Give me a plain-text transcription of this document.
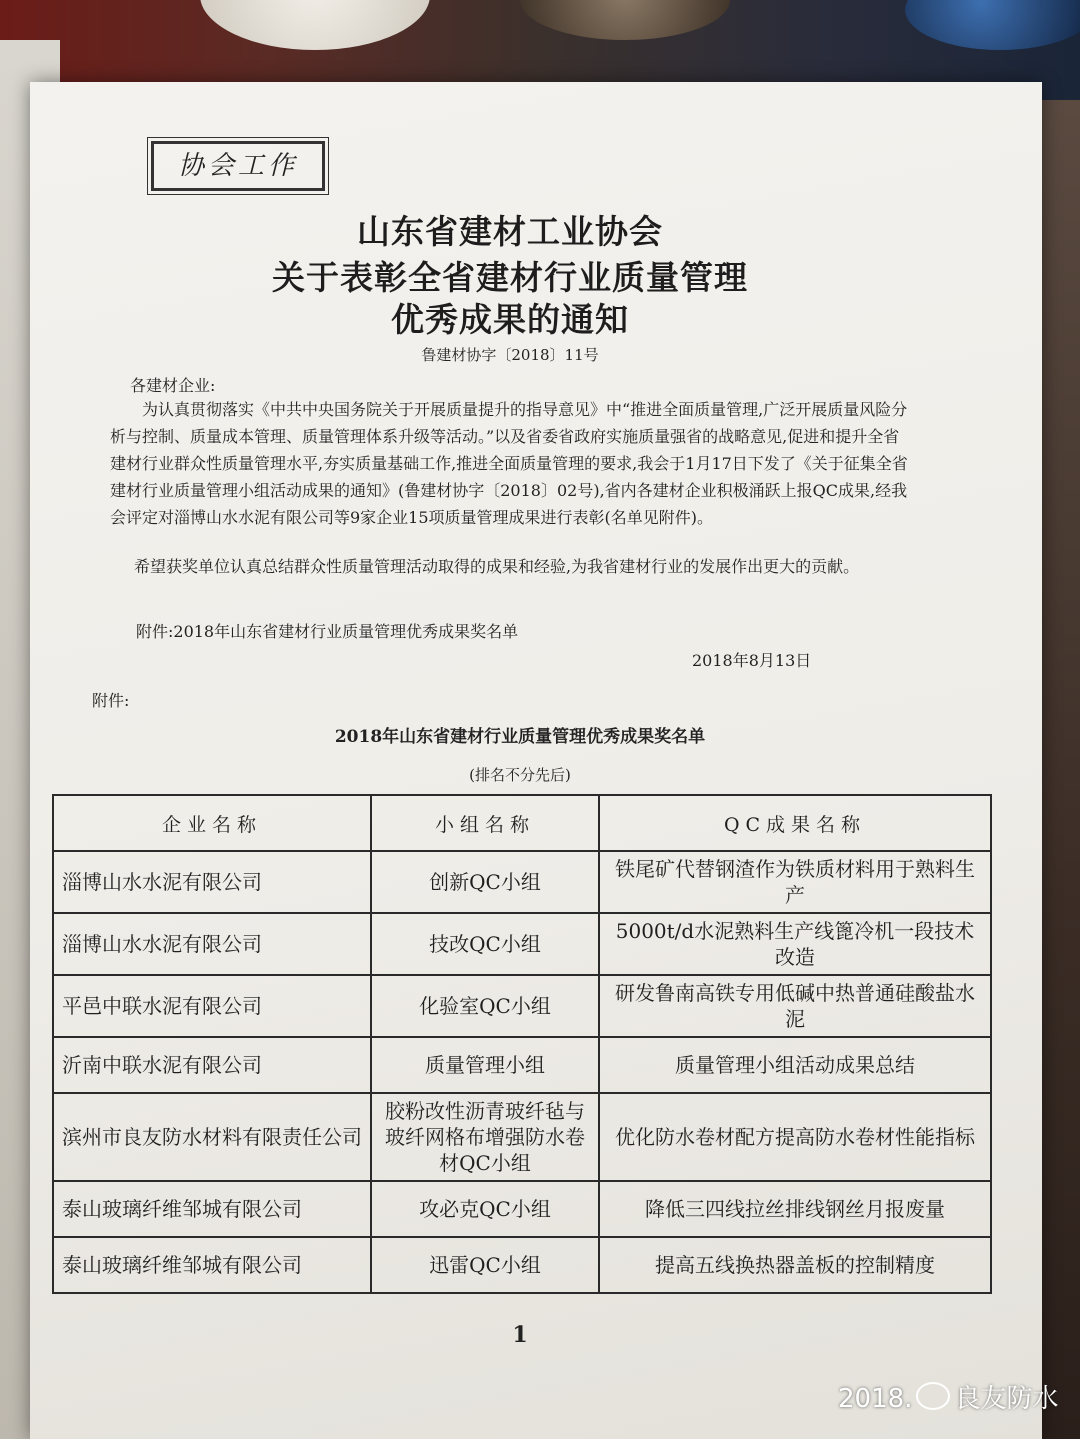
协会工作
山东省建材工业协会
关于表彰全省建材行业质量管理
优秀成果的通知
鲁建材协字〔2018〕11号
各建材企业:
为认真贯彻落实《中共中央国务院关于开展质量提升的指导意见》中“推进全面质量管理,广泛开展质量风险分析与控制、质量成本管理、质量管理体系升级等活动。”以及省委省政府实施质量强省的战略意见,促进和提升全省建材行业群众性质量管理水平,夯实质量基础工作,推进全面质量管理的要求,我会于1月17日下发了《关于征集全省建材行业质量管理小组活动成果的通知》(鲁建材协字〔2018〕02号),省内各建材企业积极涌跃上报QC成果,经我会评定对淄博山水水泥有限公司等9家企业15项质量管理成果进行表彰(名单见附件)。
希望获奖单位认真总结群众性质量管理活动取得的成果和经验,为我省建材行业的发展作出更大的贡献。
附件:2018年山东省建材行业质量管理优秀成果奖名单
2018年8月13日
附件:
2018年山东省建材行业质量管理优秀成果奖名单
(排名不分先后)
企业名称	小组名称	QC成果名称
淄博山水水泥有限公司	创新QC小组	铁尾矿代替钢渣作为铁质材料用于熟料生产
淄博山水水泥有限公司	技改QC小组	5000t/d水泥熟料生产线篦冷机一段技术改造
平邑中联水泥有限公司	化验室QC小组	研发鲁南高铁专用低碱中热普通硅酸盐水泥
沂南中联水泥有限公司	质量管理小组	质量管理小组活动成果总结
滨州市良友防水材料有限责任公司	胶粉改性沥青玻纤毡与玻纤网格布增强防水卷材QC小组	优化防水卷材配方提高防水卷材性能指标
泰山玻璃纤维邹城有限公司	攻必克QC小组	降低三四线拉丝排线钢丝月报废量
泰山玻璃纤维邹城有限公司	迅雷QC小组	提高五线换热器盖板的控制精度
1
2018. 良友防水
